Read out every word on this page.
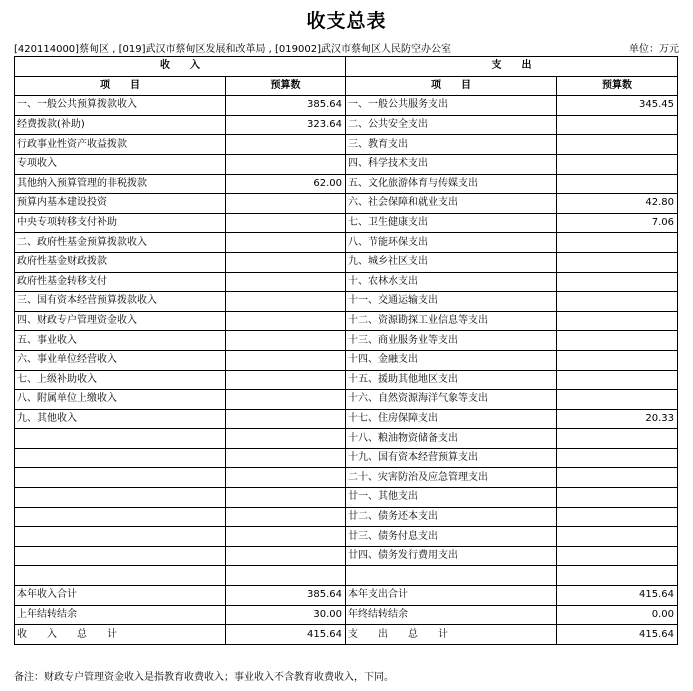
收支总表
[420114000]蔡甸区 , [019]武汉市蔡甸区发展和改革局 , [019002]武汉市蔡甸区人民防空办公室	单位：万元
收　　入		支　　出	
项　　目	预算数	项　　目	预算数
一、一般公共预算拨款收入	385.64	一、一般公共服务支出	345.45
经费拨款(补助)	323.64	二、公共安全支出	
行政事业性资产收益拨款		三、教育支出	
专项收入		四、科学技术支出	
其他纳入预算管理的非税拨款	62.00	五、文化旅游体育与传媒支出	
预算内基本建设投资		六、社会保障和就业支出	42.80
中央专项转移支付补助		七、卫生健康支出	7.06
二、政府性基金预算拨款收入		八、节能环保支出	
政府性基金财政拨款		九、城乡社区支出	
政府性基金转移支付		十、农林水支出	
三、国有资本经营预算拨款收入		十一、交通运输支出	
四、财政专户管理资金收入		十二、资源勘探工业信息等支出	
五、事业收入		十三、商业服务业等支出	
六、事业单位经营收入		十四、金融支出	
七、上级补助收入		十五、援助其他地区支出	
八、附属单位上缴收入		十六、自然资源海洋气象等支出	
九、其他收入		十七、住房保障支出	20.33
		十八、粮油物资储备支出	
		十九、国有资本经营预算支出	
		二十、灾害防治及应急管理支出	
		廿一、其他支出	
		廿二、债务还本支出	
		廿三、债务付息支出	
		廿四、债务发行费用支出	

本年收入合计	385.64	本年支出合计	415.64
上年结转结余	30.00	年终结转结余	0.00
收　　入　　总　　计	415.64	支　　出　　总　　计	415.64
备注：财政专户管理资金收入是指教育收费收入；事业收入不含教育收费收入，下同。
